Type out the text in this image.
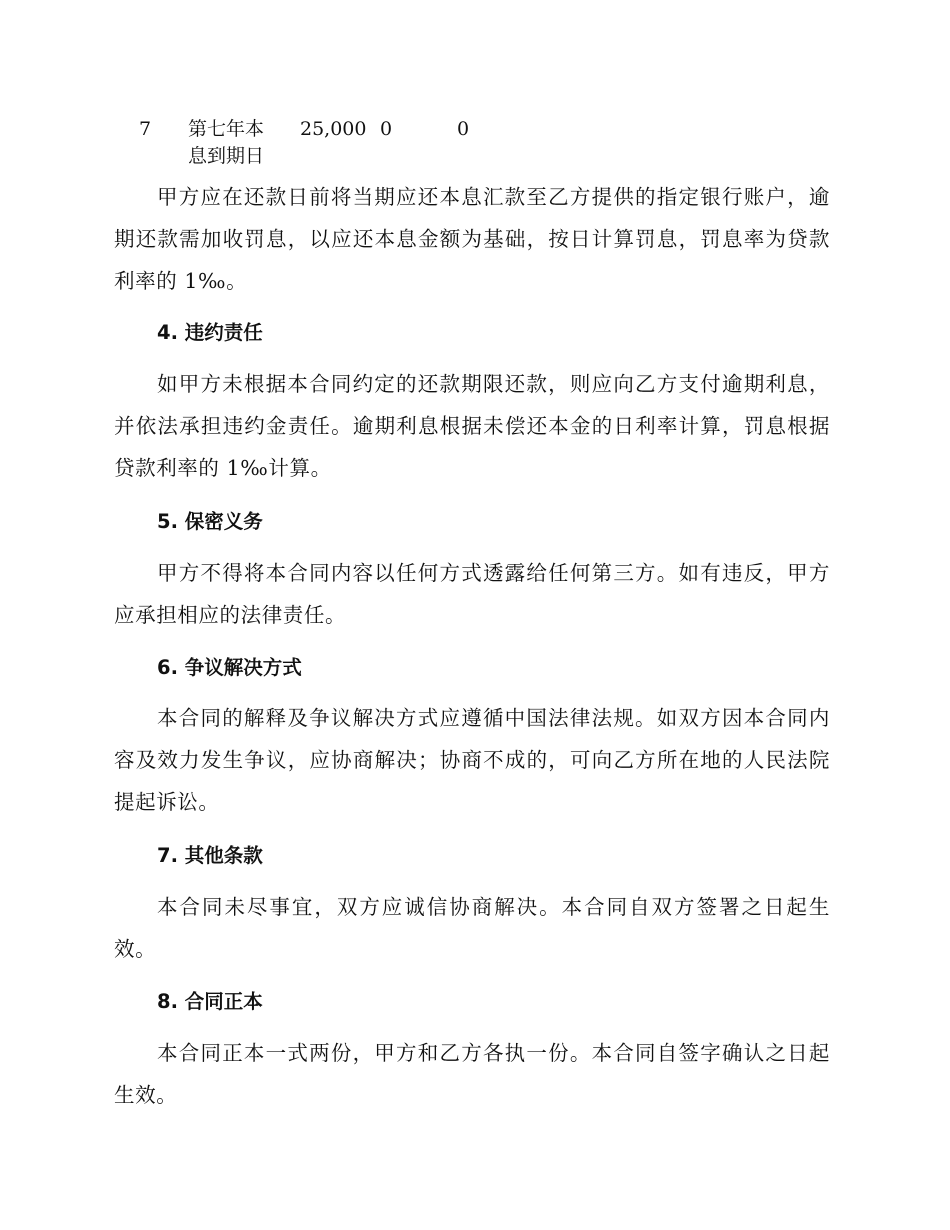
7 第七年本
息到期日
25,000 0	0

甲方应在还款日前将当期应还本息汇款至乙方提供的指定银行账户，逾期还款需加收罚息，以应还本息金额为基础，按日计算罚息，罚息率为贷款利率的 1‰。

4. 违约责任

如甲方未根据本合同约定的还款期限还款，则应向乙方支付逾期利息，并依法承担违约金责任。逾期利息根据未偿还本金的日利率计算，罚息根据贷款利率的 1‰计算。

5. 保密义务

甲方不得将本合同内容以任何方式透露给任何第三方。如有违反，甲方应承担相应的法律责任。

6. 争议解决方式

本合同的解释及争议解决方式应遵循中国法律法规。如双方因本合同内容及效力发生争议，应协商解决；协商不成的，可向乙方所在地的人民法院提起诉讼。

7. 其他条款

本合同未尽事宜，双方应诚信协商解决。本合同自双方签署之日起生效。

8. 合同正本

本合同正本一式两份，甲方和乙方各执一份。本合同自签字确认之日起生效。
